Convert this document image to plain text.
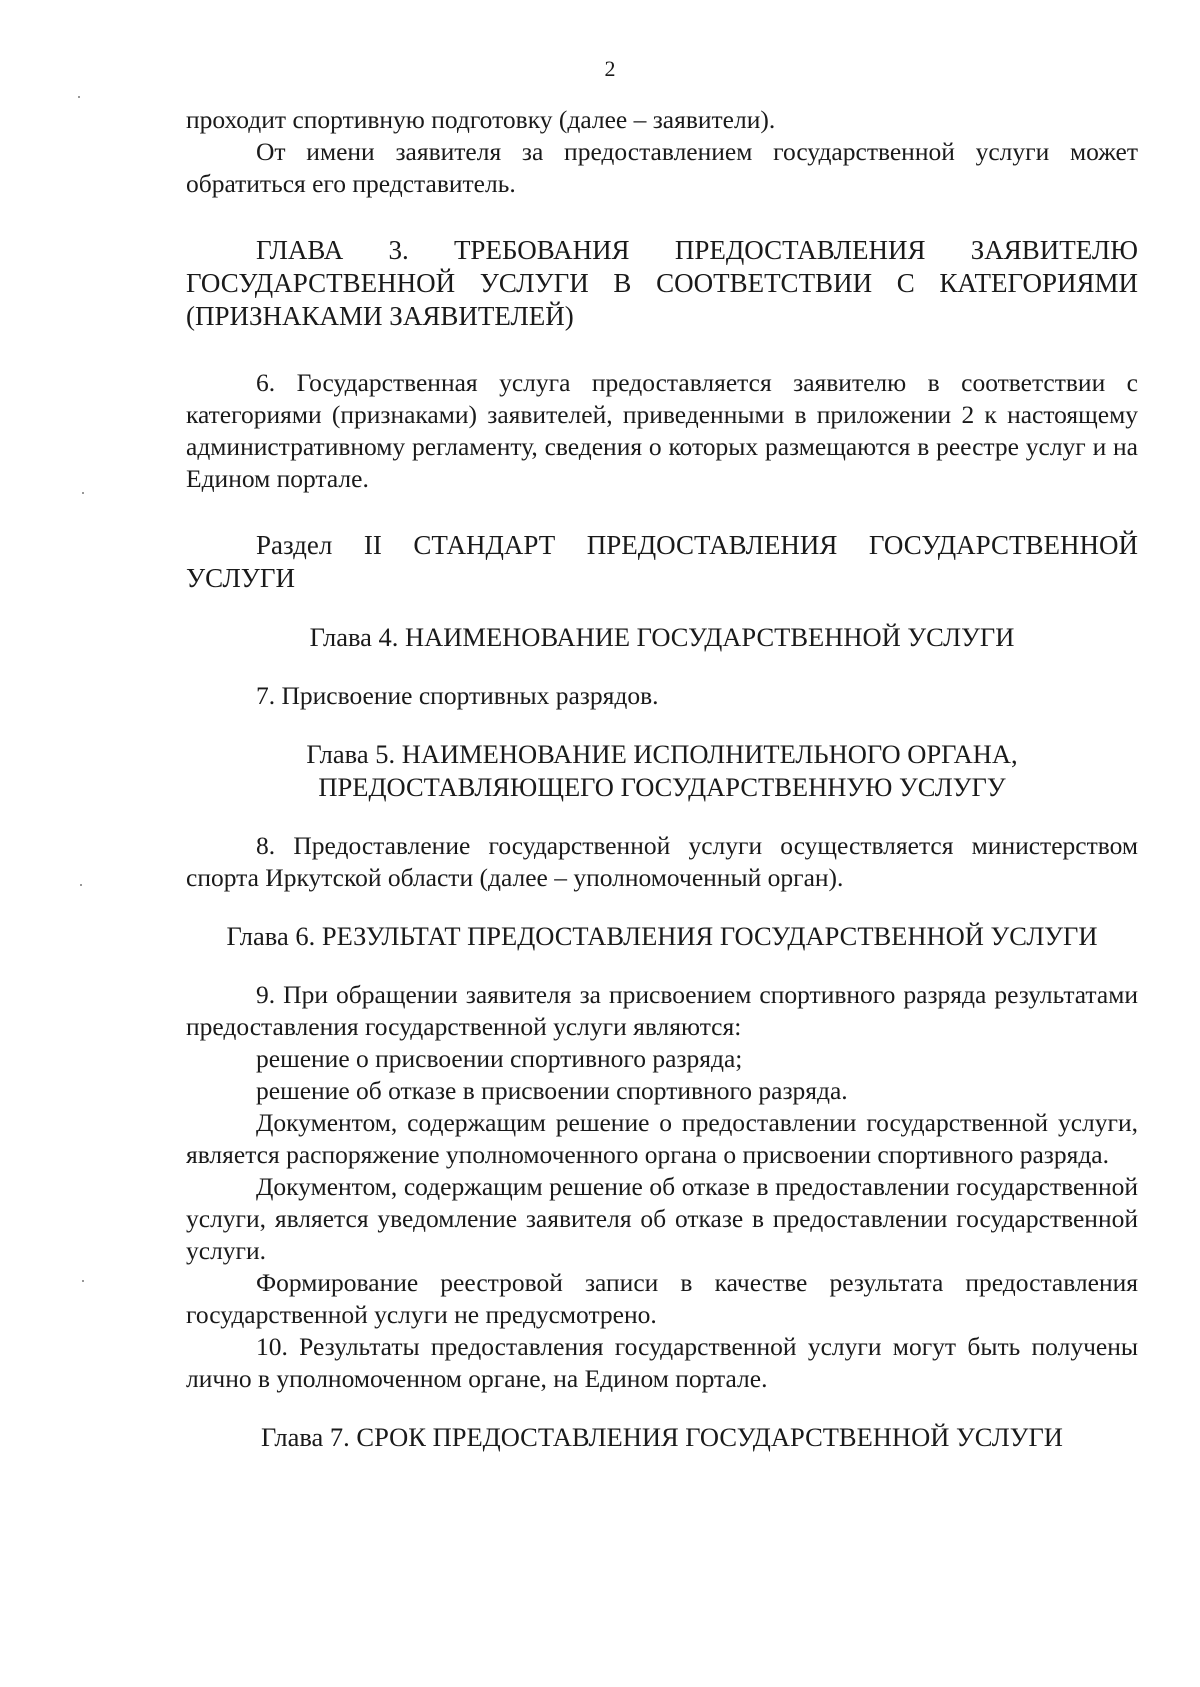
2

проходит спортивную подготовку (далее – заявители).

От имени заявителя за предоставлением государственной услуги может обратиться его представитель.

ГЛАВА 3. ТРЕБОВАНИЯ ПРЕДОСТАВЛЕНИЯ ЗАЯВИТЕЛЮ ГОСУДАРСТВЕННОЙ УСЛУГИ В СООТВЕТСТВИИ С КАТЕГОРИЯМИ (ПРИЗНАКАМИ ЗАЯВИТЕЛЕЙ)

6. Государственная услуга предоставляется заявителю в соответствии с категориями (признаками) заявителей, приведенными в приложении 2 к настоящему административному регламенту, сведения о которых размещаются в реестре услуг и на Едином портале.

Раздел II СТАНДАРТ ПРЕДОСТАВЛЕНИЯ ГОСУДАРСТВЕННОЙ УСЛУГИ

Глава 4. НАИМЕНОВАНИЕ ГОСУДАРСТВЕННОЙ УСЛУГИ

7. Присвоение спортивных разрядов.

Глава 5. НАИМЕНОВАНИЕ ИСПОЛНИТЕЛЬНОГО ОРГАНА,

ПРЕДОСТАВЛЯЮЩЕГО ГОСУДАРСТВЕННУЮ УСЛУГУ

8. Предоставление государственной услуги осуществляется министерством спорта Иркутской области (далее – уполномоченный орган).

Глава 6. РЕЗУЛЬТАТ ПРЕДОСТАВЛЕНИЯ ГОСУДАРСТВЕННОЙ УСЛУГИ

9. При обращении заявителя за присвоением спортивного разряда результатами предоставления государственной услуги являются:

решение о присвоении спортивного разряда;

решение об отказе в присвоении спортивного разряда.

Документом, содержащим решение о предоставлении государственной услуги, является распоряжение уполномоченного органа о присвоении спортивного разряда.

Документом, содержащим решение об отказе в предоставлении государственной услуги, является уведомление заявителя об отказе в предоставлении государственной услуги.

Формирование реестровой записи в качестве результата предоставления государственной услуги не предусмотрено.

10. Результаты предоставления государственной услуги могут быть получены лично в уполномоченном органе, на Едином портале.

Глава 7. СРОК ПРЕДОСТАВЛЕНИЯ ГОСУДАРСТВЕННОЙ УСЛУГИ
